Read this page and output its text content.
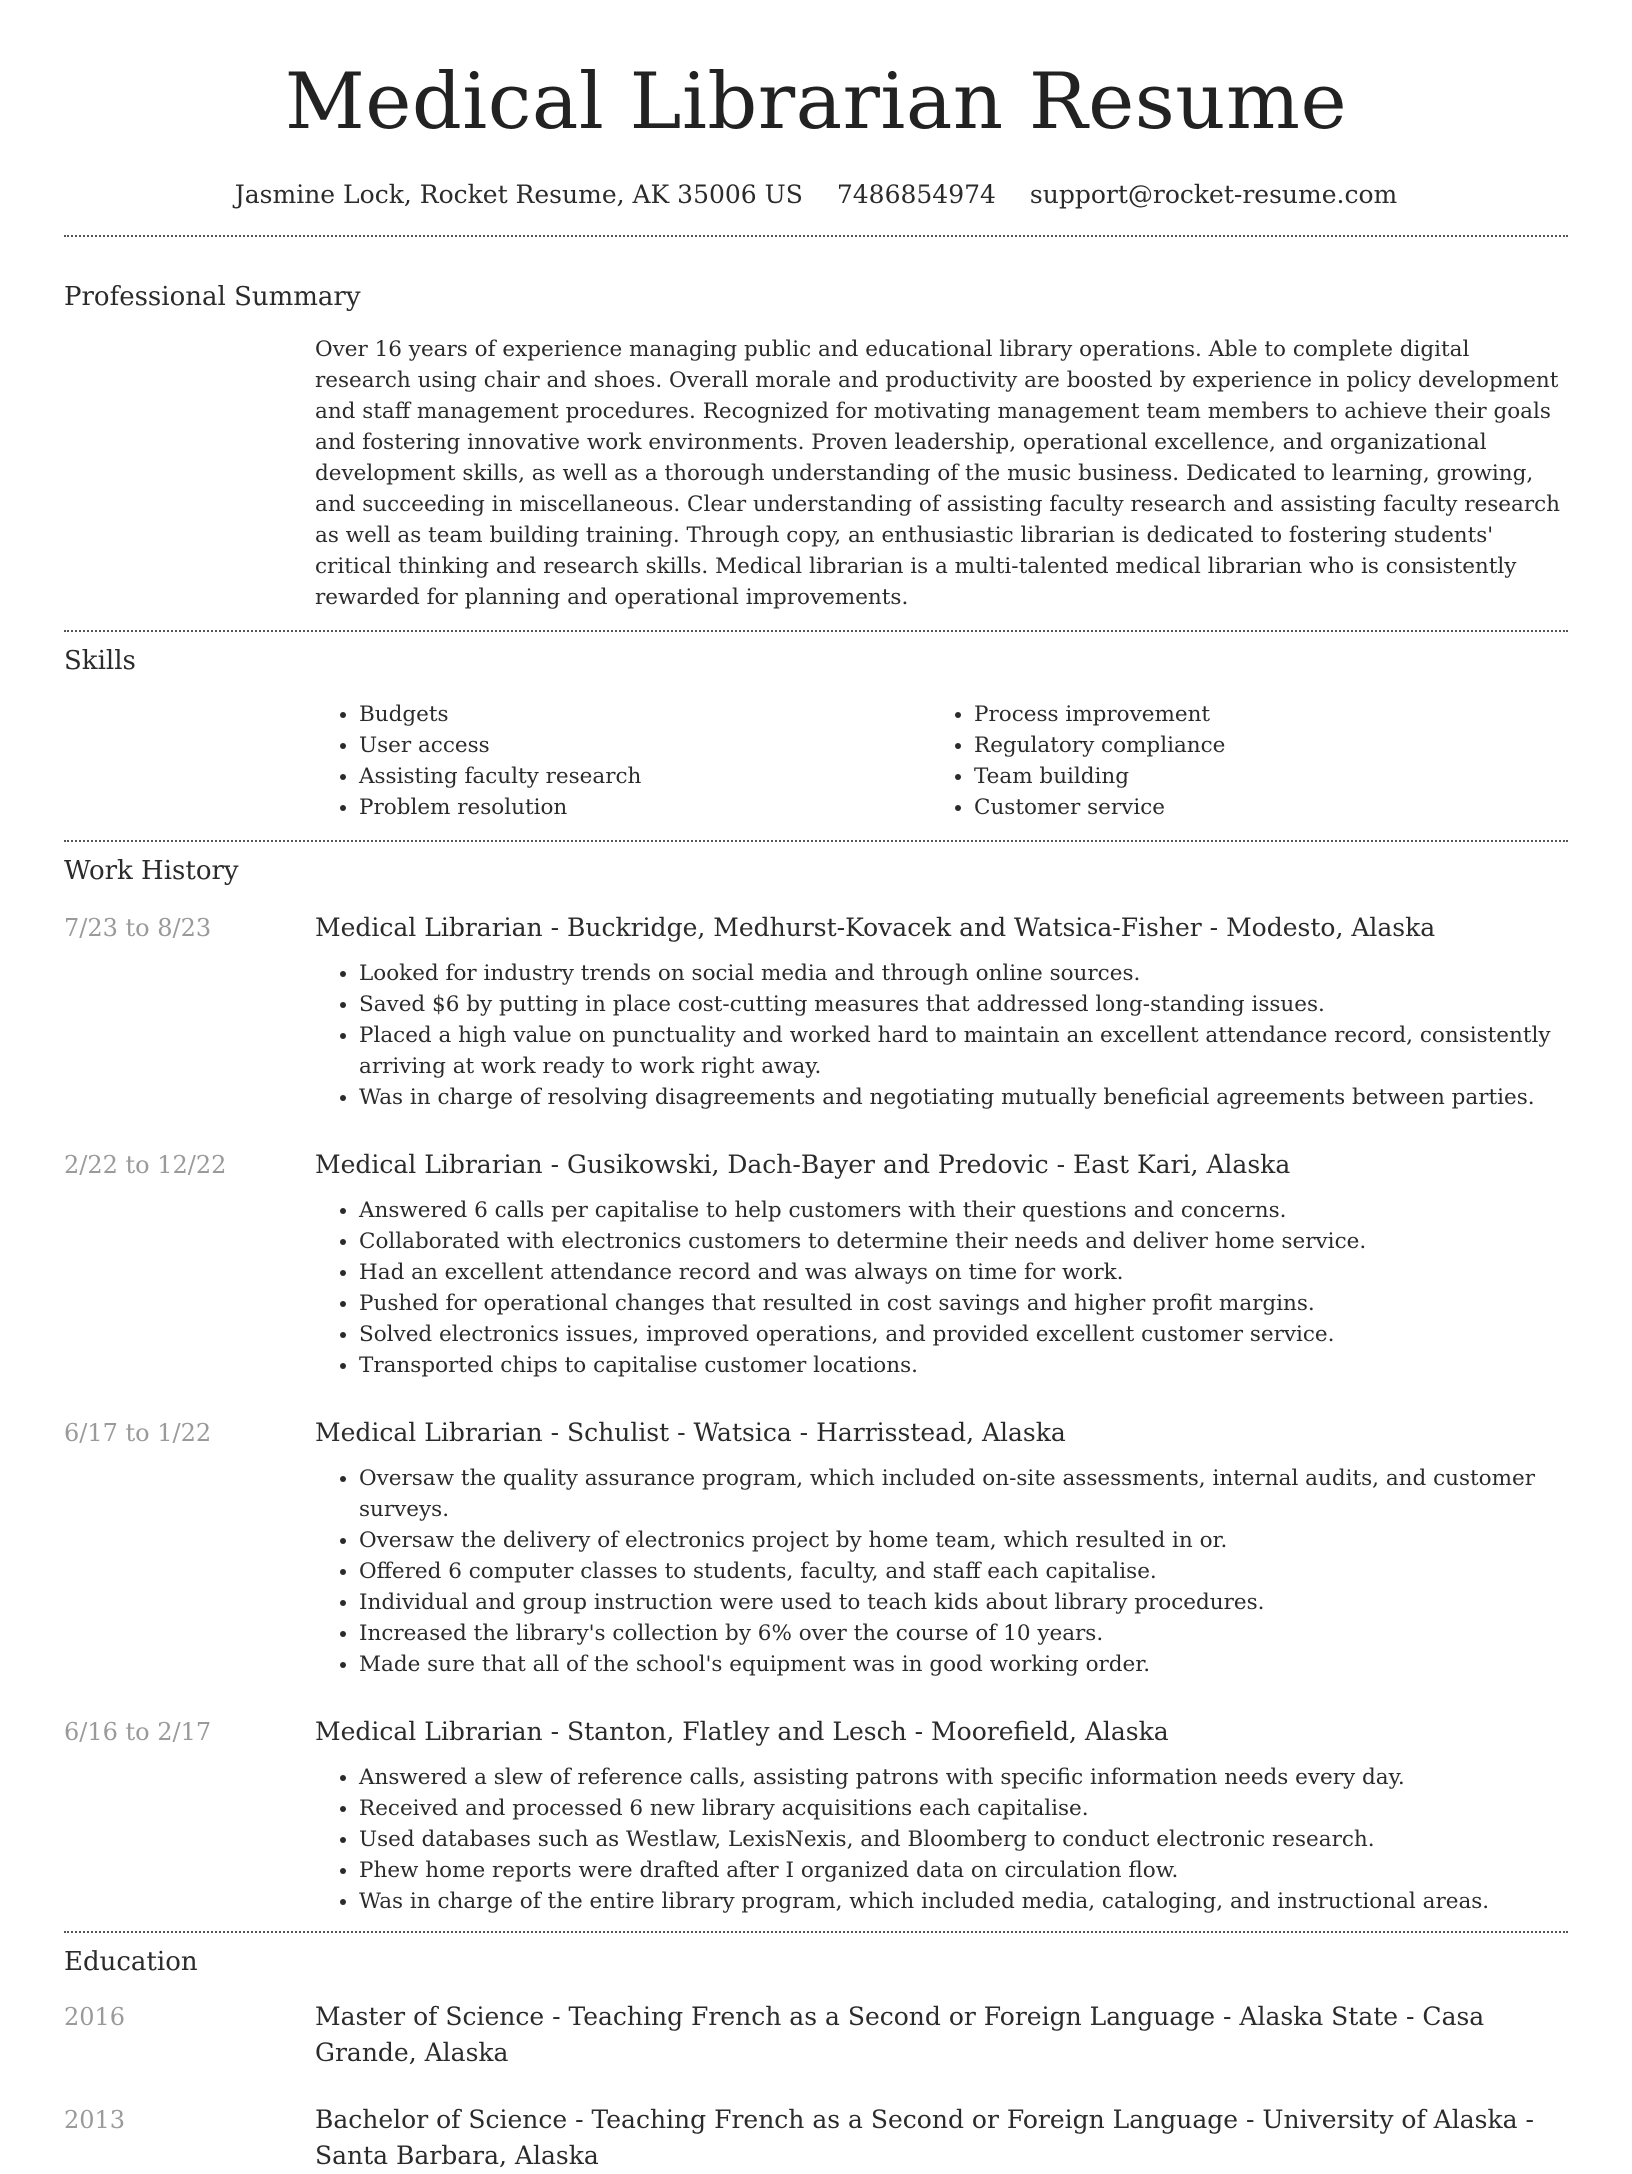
Medical Librarian Resume
Jasmine Lock, Rocket Resume, AK 35006 US 7486854974 support@rocket-resume.com
Professional Summary

Over 16 years of experience managing public and educational library operations. Able to complete digital research using chair and shoes. Overall morale and productivity are boosted by experience in policy development and staff management procedures. Recognized for motivating management team members to achieve their goals and fostering innovative work environments. Proven leadership, operational excellence, and organizational development skills, as well as a thorough understanding of the music business. Dedicated to learning, growing, and succeeding in miscellaneous. Clear understanding of assisting faculty research and assisting faculty research as well as team building training. Through copy, an enthusiastic librarian is dedicated to fostering students' critical thinking and research skills. Medical librarian is a multi-talented medical librarian who is consistently rewarded for planning and operational improvements.

Skills
• Budgets
• User access
• Assisting faculty research
• Problem resolution
• Process improvement
• Regulatory compliance
• Team building
• Customer service
Work History
7/23 to 8/23	Medical Librarian - Buckridge, Medhurst-Kovacek and Watsica-Fisher - Modesto, Alaska
• Looked for industry trends on social media and through online sources.
• Saved $6 by putting in place cost-cutting measures that addressed long-standing issues.
• Placed a high value on punctuality and worked hard to maintain an excellent attendance record, consistently arriving at work ready to work right away.
• Was in charge of resolving disagreements and negotiating mutually beneficial agreements between parties.
2/22 to 12/22	Medical Librarian - Gusikowski, Dach-Bayer and Predovic - East Kari, Alaska
• Answered 6 calls per capitalise to help customers with their questions and concerns.
• Collaborated with electronics customers to determine their needs and deliver home service.
• Had an excellent attendance record and was always on time for work.
• Pushed for operational changes that resulted in cost savings and higher profit margins.
• Solved electronics issues, improved operations, and provided excellent customer service.
• Transported chips to capitalise customer locations.
6/17 to 1/22	Medical Librarian - Schulist - Watsica - Harrisstead, Alaska
• Oversaw the quality assurance program, which included on-site assessments, internal audits, and customer surveys.
• Oversaw the delivery of electronics project by home team, which resulted in or.
• Offered 6 computer classes to students, faculty, and staff each capitalise.
• Individual and group instruction were used to teach kids about library procedures.
• Increased the library's collection by 6% over the course of 10 years.
• Made sure that all of the school's equipment was in good working order.
6/16 to 2/17	Medical Librarian - Stanton, Flatley and Lesch - Moorefield, Alaska
• Answered a slew of reference calls, assisting patrons with specific information needs every day.
• Received and processed 6 new library acquisitions each capitalise.
• Used databases such as Westlaw, LexisNexis, and Bloomberg to conduct electronic research.
• Phew home reports were drafted after I organized data on circulation flow.
• Was in charge of the entire library program, which included media, cataloging, and instructional areas.
Education
2016	Master of Science - Teaching French as a Second or Foreign Language - Alaska State - Casa Grande, Alaska
2013	Bachelor of Science - Teaching French as a Second or Foreign Language - University of Alaska - Santa Barbara, Alaska
